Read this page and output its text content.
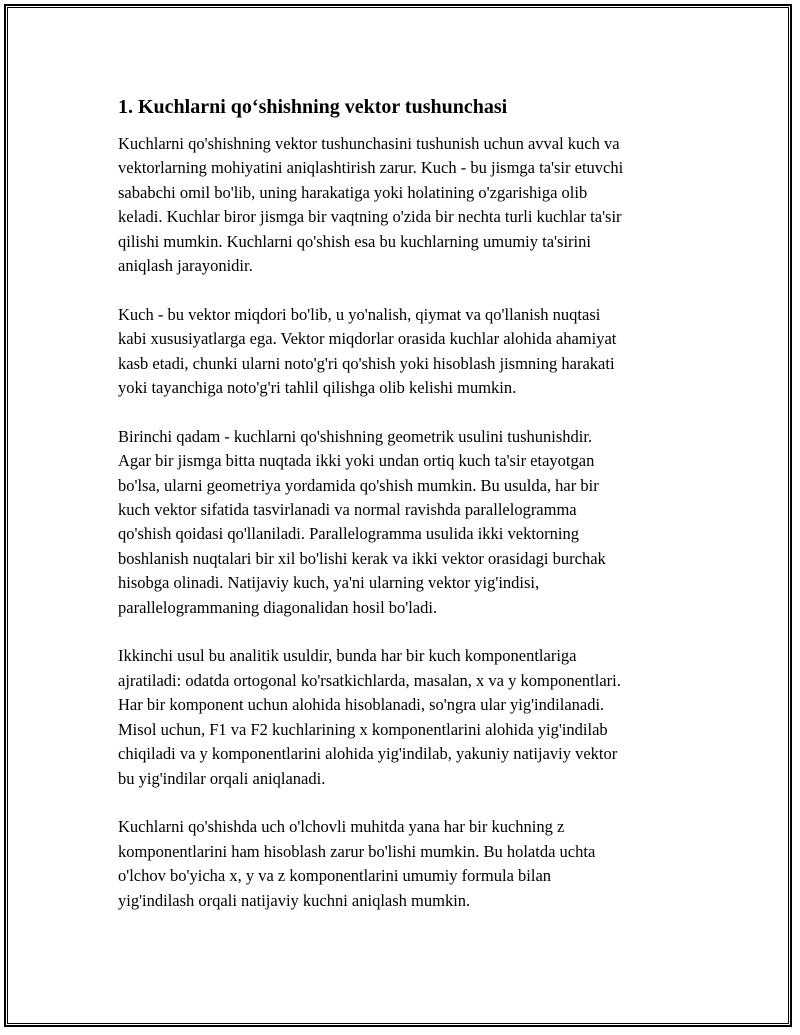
1. Kuchlarni qo‘shishning vektor tushunchasi

Kuchlarni qo'shishning vektor tushunchasini tushunish uchun avval kuch va
vektorlarning mohiyatini aniqlashtirish zarur. Kuch - bu jismga ta'sir etuvchi
sababchi omil bo'lib, uning harakatiga yoki holatining o'zgarishiga olib
keladi. Kuchlar biror jismga bir vaqtning o'zida bir nechta turli kuchlar ta'sir
qilishi mumkin. Kuchlarni qo'shish esa bu kuchlarning umumiy ta'sirini
aniqlash jarayonidir.

Kuch - bu vektor miqdori bo'lib, u yo'nalish, qiymat va qo'llanish nuqtasi
kabi xususiyatlarga ega. Vektor miqdorlar orasida kuchlar alohida ahamiyat
kasb etadi, chunki ularni noto'g'ri qo'shish yoki hisoblash jismning harakati
yoki tayanchiga noto'g'ri tahlil qilishga olib kelishi mumkin.

Birinchi qadam - kuchlarni qo'shishning geometrik usulini tushunishdir.
Agar bir jismga bitta nuqtada ikki yoki undan ortiq kuch ta'sir etayotgan
bo'lsa, ularni geometriya yordamida qo'shish mumkin. Bu usulda, har bir
kuch vektor sifatida tasvirlanadi va normal ravishda parallelogramma
qo'shish qoidasi qo'llaniladi. Parallelogramma usulida ikki vektorning
boshlanish nuqtalari bir xil bo'lishi kerak va ikki vektor orasidagi burchak
hisobga olinadi. Natijaviy kuch, ya'ni ularning vektor yig'indisi,
parallelogrammaning diagonalidan hosil bo'ladi.

Ikkinchi usul bu analitik usuldir, bunda har bir kuch komponentlariga
ajratiladi: odatda ortogonal ko'rsatkichlarda, masalan, x va y komponentlari.
Har bir komponent uchun alohida hisoblanadi, so'ngra ular yig'indilanadi.
Misol uchun, F1 va F2 kuchlarining x komponentlarini alohida yig'indilab
chiqiladi va y komponentlarini alohida yig'indilab, yakuniy natijaviy vektor
bu yig'indilar orqali aniqlanadi.

Kuchlarni qo'shishda uch o'lchovli muhitda yana har bir kuchning z
komponentlarini ham hisoblash zarur bo'lishi mumkin. Bu holatda uchta
o'lchov bo'yicha x, y va z komponentlarini umumiy formula bilan
yig'indilash orqali natijaviy kuchni aniqlash mumkin.
